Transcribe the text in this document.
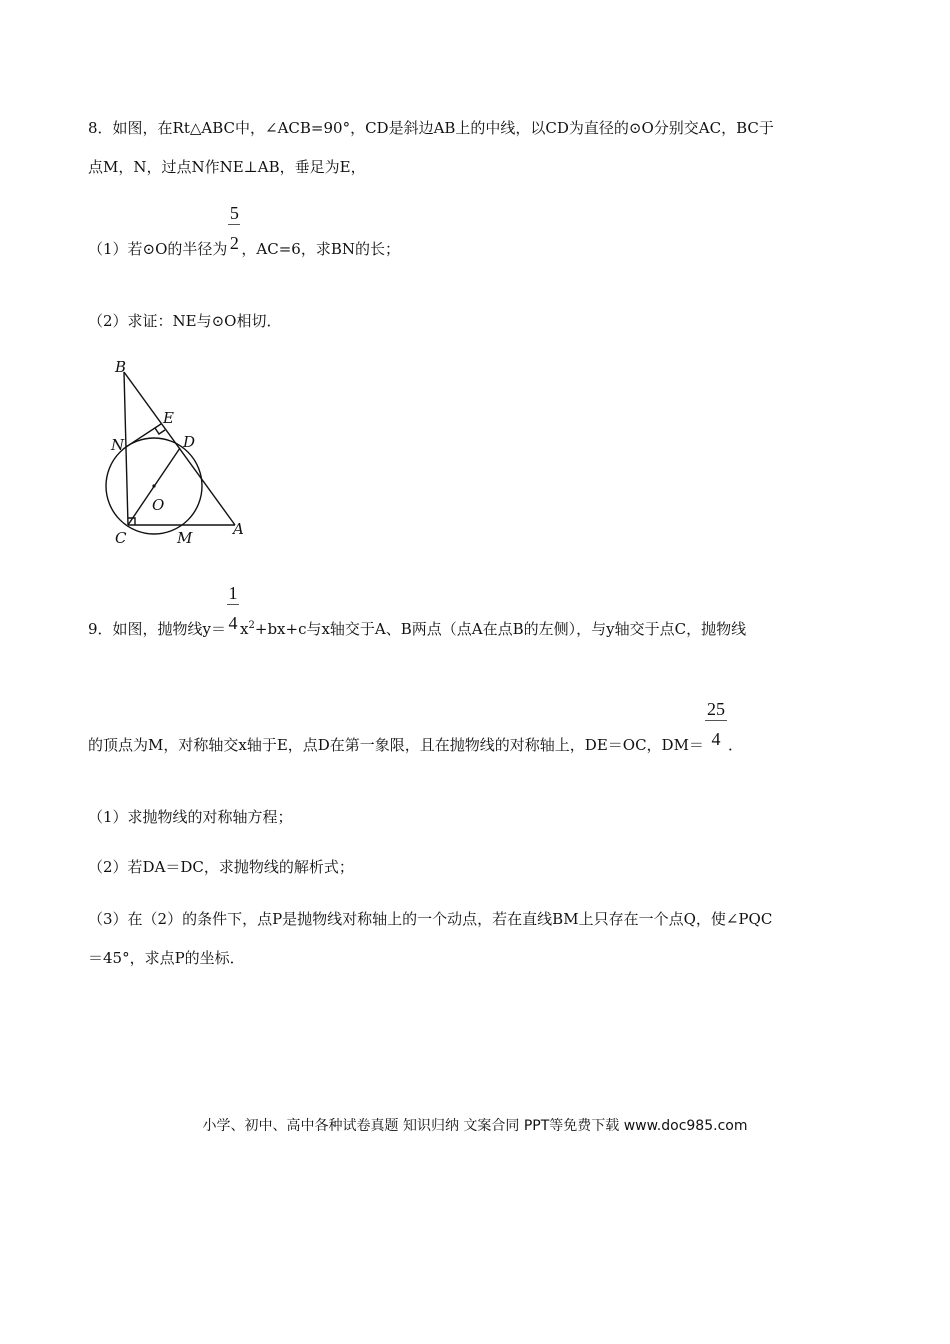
8．如图，在Rt△ABC中，∠ACB=90°，CD是斜边AB上的中线，以CD为直径的⊙O分别交AC，BC于
点M，N，过点N作NE⊥AB，垂足为E，
（1）若⊙O的半径为 $\frac{5}{2}$ ，AC=6，求BN的长；
（2）求证：NE与⊙O相切．
B
E
N	D
O
C	M	A
9．如图，抛物线$y= \frac{1}{4} x^2+bx+c$与x轴交于A、B两点（点A在点B的左侧），与y轴交于点C，抛物线
的顶点为M，对称轴交x轴于E，点D在第一象限，且在抛物线的对称轴上，DE＝OC，$DM= \frac{25}{4}$ ．
（1）求抛物线的对称轴方程；
（2）若DA＝DC，求抛物线的解析式；
（3）在（2）的条件下，点P是抛物线对称轴上的一个动点，若在直线BM上只存在一个点Q，使∠PQC
＝45°，求点P的坐标．
小学、初中、高中各种试卷真题 知识归纳 文案合同 PPT等免费下载 www.doc985.com
